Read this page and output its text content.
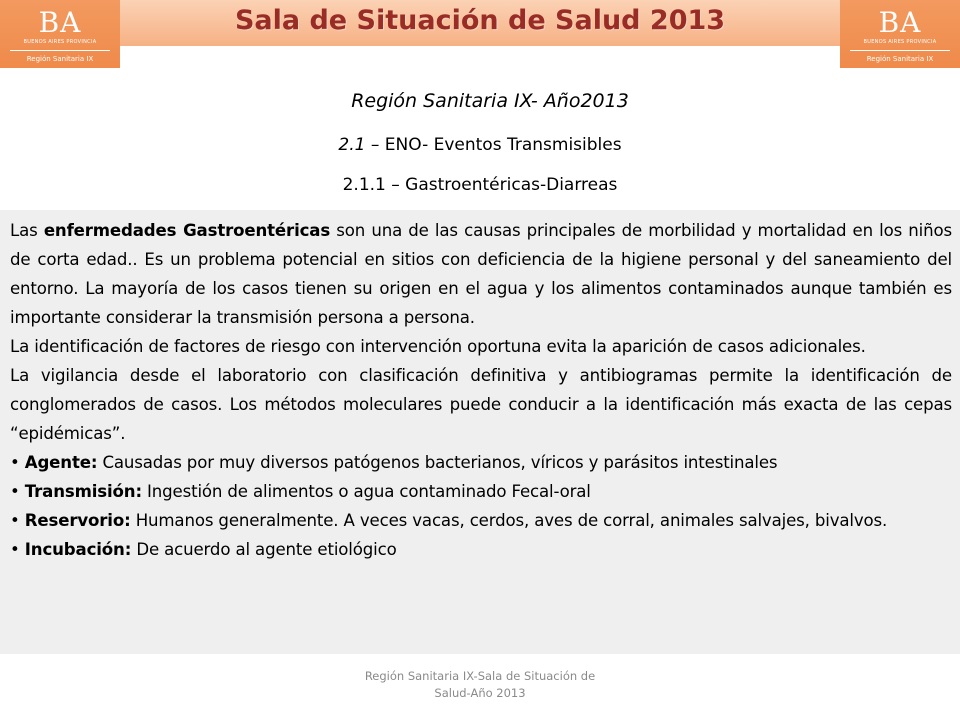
BA
BUENOS AIRES PROVINCIA
Región Sanitaria IX
Sala de Situación de Salud 2013	BA
BUENOS AIRES PROVINCIA
Región Sanitaria IX
Región Sanitaria IX- Año2013
2.1 – ENO- Eventos Transmisibles
2.1.1 – Gastroentéricas-Diarreas

Las enfermedades Gastroentéricas son una de las causas principales de morbilidad y mortalidad en los niños de corta edad.. Es un problema potencial en sitios con deficiencia de la higiene personal y del saneamiento del entorno. La mayoría de los casos tienen su origen en el agua y los alimentos contaminados aunque también es importante considerar la transmisión persona a persona.

La identificación de factores de riesgo con intervención oportuna evita la aparición de casos adicionales.

La vigilancia desde el laboratorio con clasificación definitiva y antibiogramas permite la identificación de conglomerados de casos. Los métodos moleculares puede conducir a la identificación más exacta de las cepas “epidémicas”.

• Agente: Causadas por muy diversos patógenos bacterianos, víricos y parásitos intestinales

• Transmisión: Ingestión de alimentos o agua contaminado Fecal-oral

• Reservorio: Humanos generalmente. A veces vacas, cerdos, aves de corral, animales salvajes, bivalvos.

• Incubación: De acuerdo al agente etiológico

Región Sanitaria IX-Sala de Situación de
Salud-Año 2013
